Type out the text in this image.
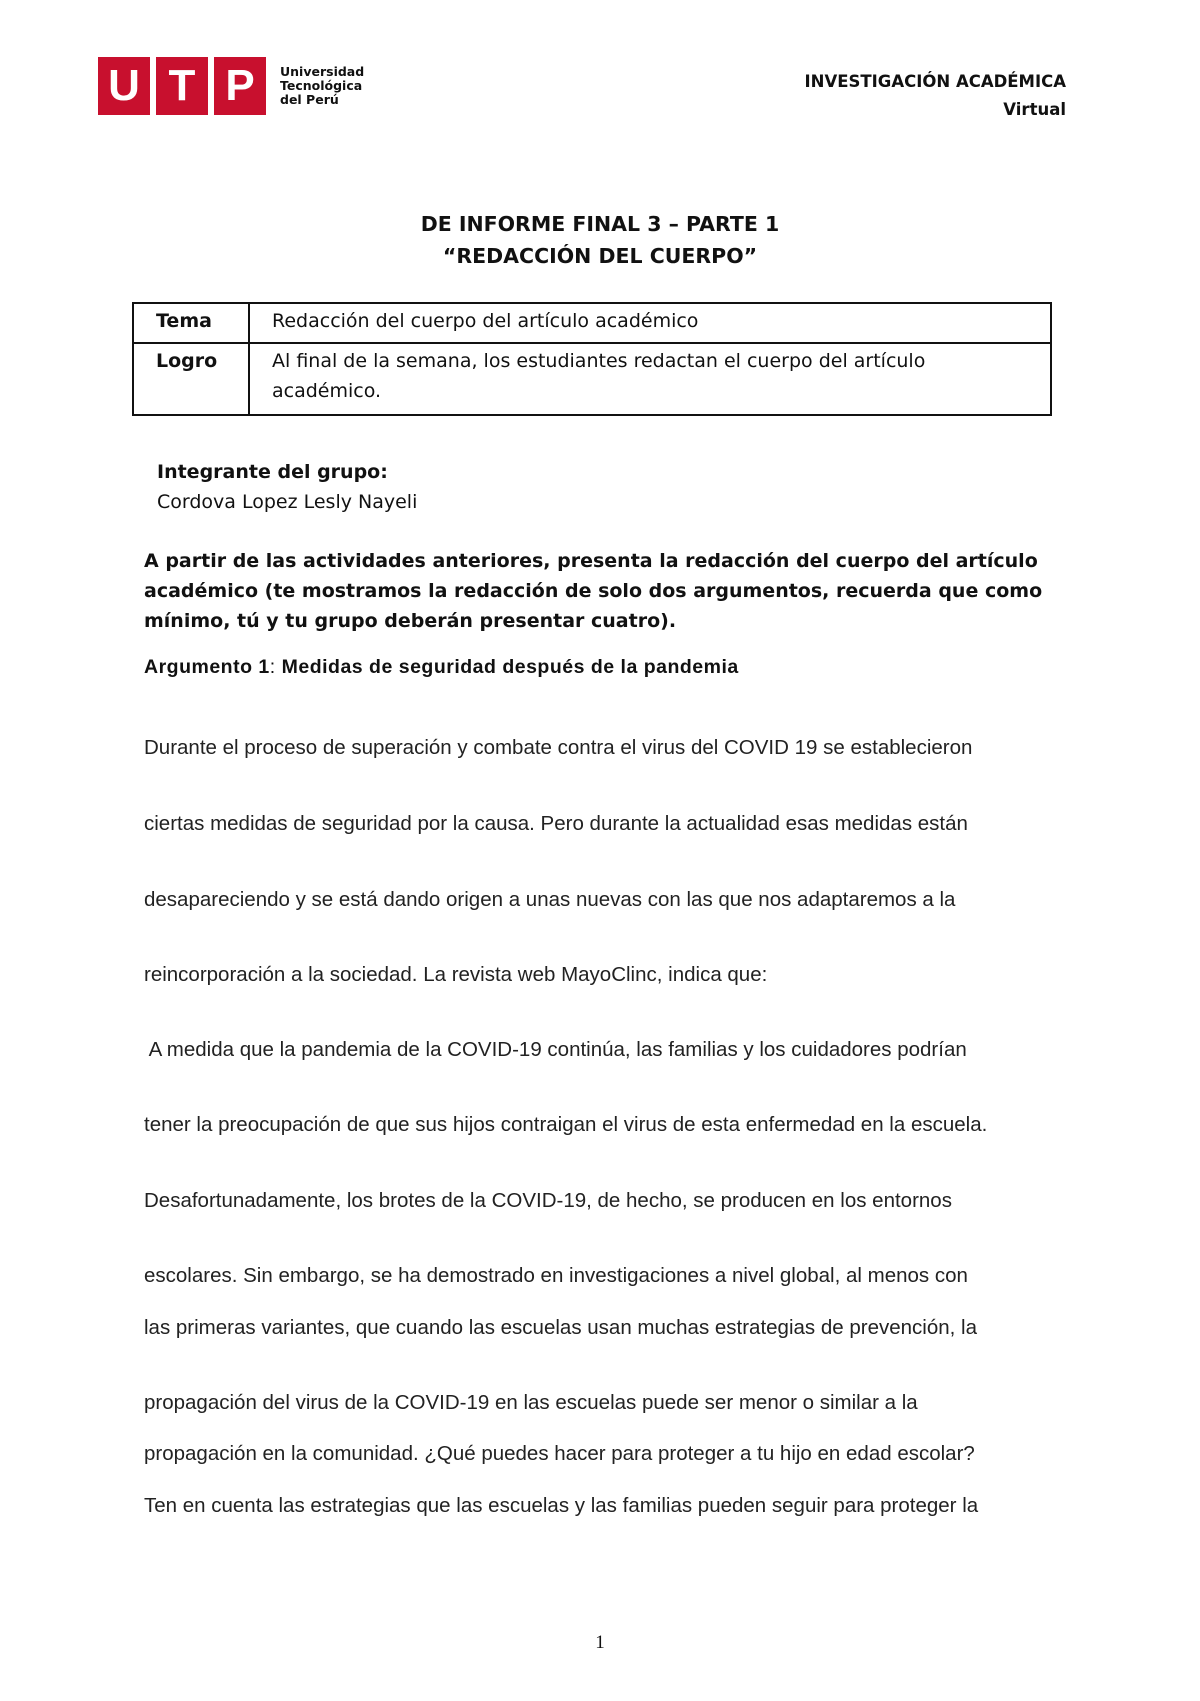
U T P	Universidad
Tecnológica
del Perú
INVESTIGACIÓN ACADÉMICA
Virtual
DE INFORME FINAL 3 – PARTE 1
“REDACCIÓN DEL CUERPO”
Tema	Redacción del cuerpo del artículo académico
Logro	Al final de la semana, los estudiantes redactan el cuerpo del artículo académico.
Integrante del grupo:
Cordova Lopez Lesly Nayeli
A partir de las actividades anteriores, presenta la redacción del cuerpo del artículo académico (te mostramos la redacción de solo dos argumentos, recuerda que como mínimo, tú y tu grupo deberán presentar cuatro).
Argumento 1: Medidas de seguridad después de la pandemia
Durante el proceso de superación y combate contra el virus del COVID 19 se establecieron
ciertas medidas de seguridad por la causa. Pero durante la actualidad esas medidas están
desapareciendo y se está dando origen a unas nuevas con las que nos adaptaremos a la
reincorporación a la sociedad. La revista web MayoClinc, indica que:
A medida que la pandemia de la COVID-19 continúa, las familias y los cuidadores podrían
tener la preocupación de que sus hijos contraigan el virus de esta enfermedad en la escuela.
Desafortunadamente, los brotes de la COVID-19, de hecho, se producen en los entornos
escolares. Sin embargo, se ha demostrado en investigaciones a nivel global, al menos con
las primeras variantes, que cuando las escuelas usan muchas estrategias de prevención, la
propagación del virus de la COVID-19 en las escuelas puede ser menor o similar a la
propagación en la comunidad. ¿Qué puedes hacer para proteger a tu hijo en edad escolar?
Ten en cuenta las estrategias que las escuelas y las familias pueden seguir para proteger la
1
